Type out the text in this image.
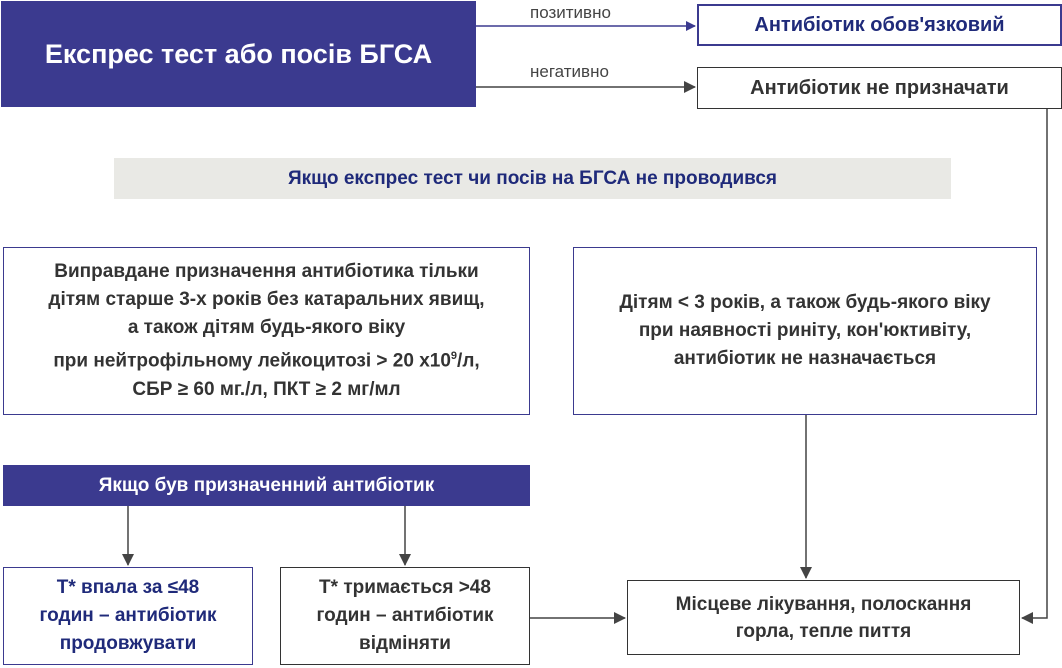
Експрес тест або посів БГСА
позитивно
негативно
Антибіотик обов'язковий
Антибіотик не призначати
Якщо експрес тест чи посів на БГСА не проводився
Виправдане призначення антибіотика тільки
дітям старше 3-х років без катаральних явищ,
а також дітям будь-якого віку
при нейтрофільному лейкоцитозі > 20 $х10^9/л$,
СБР ≥ 60 мг./л, ПКТ ≥ 2 мг/мл
Дітям < 3 років, а також будь-якого віку
при наявності риніту, кон'юктивіту,
антибіотик не назначається
Якщо був призначенний антибіотик
Т* впала за ≤48
годин – антибіотик
продовжувати
Т* тримається >48
годин – антибіотик
відміняти
Місцеве лікування, полоскання
горла, тепле пиття
